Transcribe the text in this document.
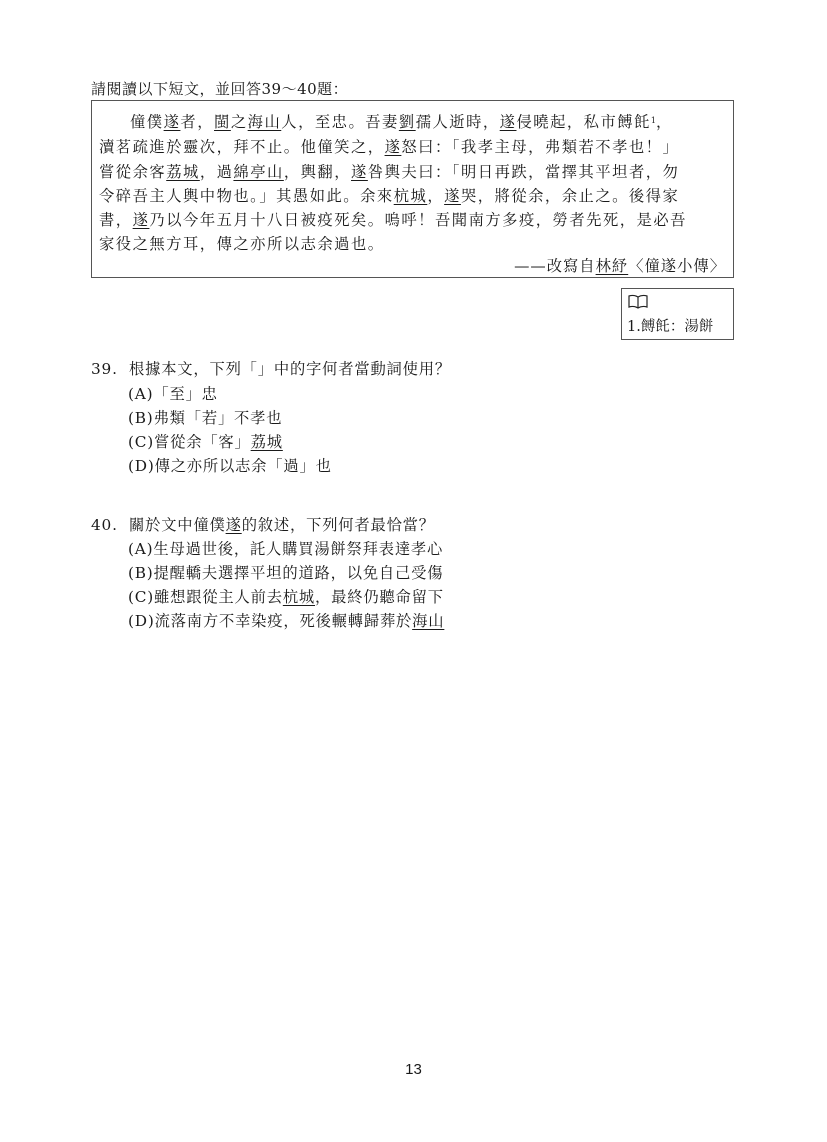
請閱讀以下短文，並回答39～40題：
僮僕遂者，閩之海山人，至忠。吾妻劉孺人逝時，遂侵曉起，私市餺飥$^1$，
瀆茗疏進於靈次，拜不止。他僮笑之，遂怒曰：「我孝主母，弗類若不孝也！」
嘗從余客荔城，過綿亭山，輿翻，遂咎輿夫曰：「明日再跌，當擇其平坦者，勿
令碎吾主人輿中物也。」其愚如此。余來杭城，遂哭，將從余，余止之。後得家
書，遂乃以今年五月十八日被疫死矣。嗚呼！吾聞南方多疫，勞者先死，是必吾
家役之無方耳，傳之亦所以志余過也。
——改寫自林紓〈僮遂小傳〉
1.餺飥：湯餅
39. 根據本文，下列「」中的字何者當動詞使用？
(A)「至」忠
(B)弗類「若」不孝也
(C)嘗從余「客」荔城
(D)傳之亦所以志余「過」也
40. 關於文中僮僕遂的敘述，下列何者最恰當？
(A)生母過世後，託人購買湯餅祭拜表達孝心
(B)提醒轎夫選擇平坦的道路，以免自己受傷
(C)雖想跟從主人前去杭城，最終仍聽命留下
(D)流落南方不幸染疫，死後輾轉歸葬於海山
13
